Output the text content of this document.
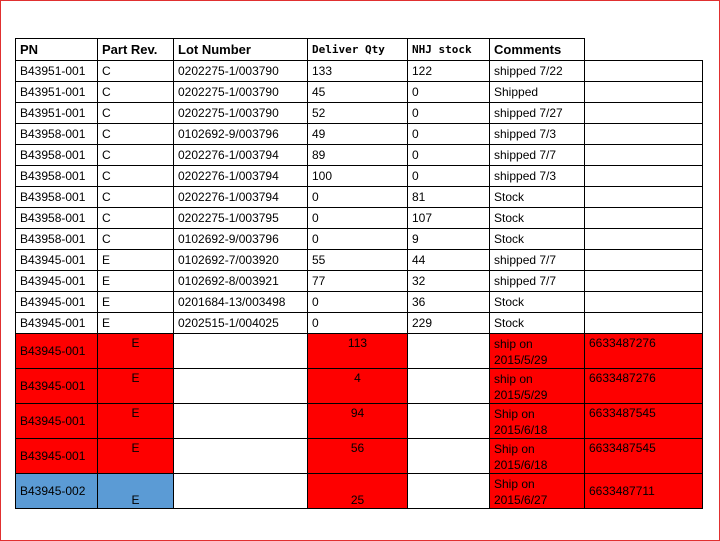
PN	Part Rev.	Lot Number	Deliver Qty	NHJ stock	Comments	
B43951-001	C	0202275-1/003790	133	122	shipped 7/22	
B43951-001	C	0202275-1/003790	45	0	Shipped	
B43951-001	C	0202275-1/003790	52	0	shipped 7/27	
B43958-001	C	0102692-9/003796	49	0	shipped 7/3	
B43958-001	C	0202276-1/003794	89	0	shipped 7/7	
B43958-001	C	0202276-1/003794	100	0	shipped 7/3	
B43958-001	C	0202276-1/003794	0	81	Stock	
B43958-001	C	0202275-1/003795	0	107	Stock	
B43958-001	C	0102692-9/003796	0	9	Stock	
B43945-001	E	0102692-7/003920	55	44	shipped 7/7	
B43945-001	E	0102692-8/003921	77	32	shipped 7/7	
B43945-001	E	0201684-13/003498	0	36	Stock	
B43945-001	E	0202515-1/004025	0	229	Stock	
B43945-001	E		113		ship on 2015/5/29	6633487276
B43945-001	E		4		ship on 2015/5/29	6633487276
B43945-001	E		94		Ship on 2015/6/18	6633487545
B43945-001	E		56		Ship on 2015/6/18	6633487545
B43945-002	E		25		Ship on 2015/6/27	6633487711
